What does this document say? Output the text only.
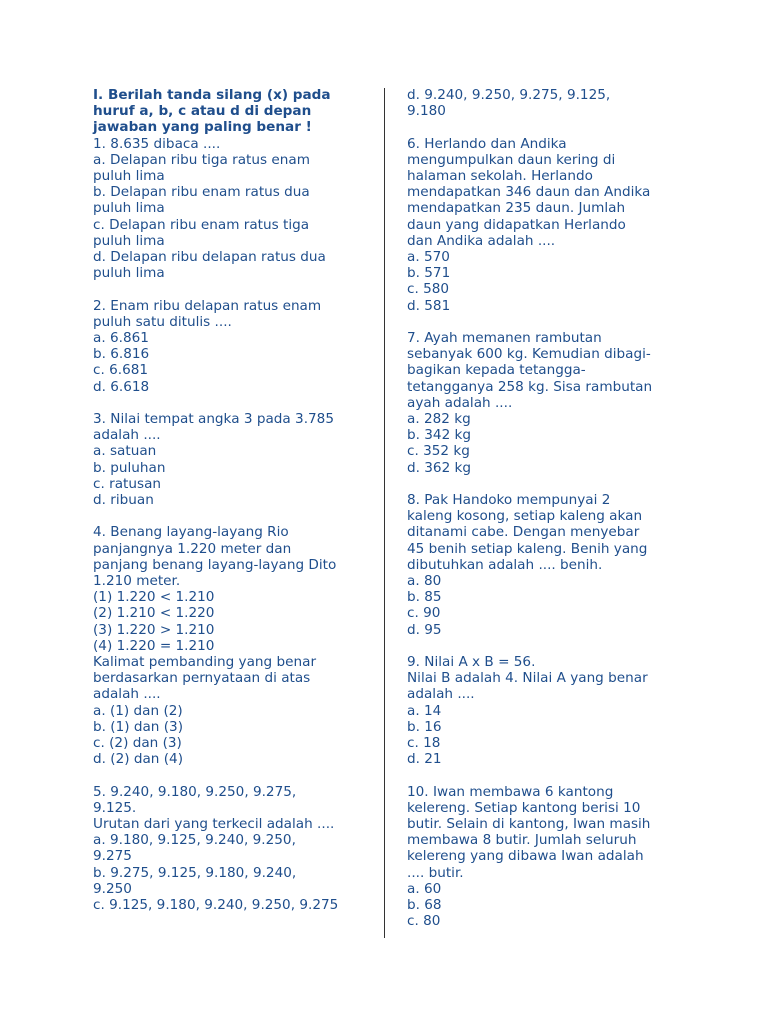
I. Berilah tanda silang (x) pada
huruf a, b, c atau d di depan
jawaban yang paling benar !
1. 8.635 dibaca ....
a. Delapan ribu tiga ratus enam
puluh lima
b. Delapan ribu enam ratus dua
puluh lima
c. Delapan ribu enam ratus tiga
puluh lima
d. Delapan ribu delapan ratus dua
puluh lima
2. Enam ribu delapan ratus enam
puluh satu ditulis ....
a. 6.861
b. 6.816
c. 6.681
d. 6.618
3. Nilai tempat angka 3 pada 3.785
adalah ....
a. satuan
b. puluhan
c. ratusan
d. ribuan
4. Benang layang-layang Rio
panjangnya 1.220 meter dan
panjang benang layang-layang Dito
1.210 meter.
(1) 1.220 < 1.210
(2) 1.210 < 1.220
(3) 1.220 > 1.210
(4) 1.220 = 1.210
Kalimat pembanding yang benar
berdasarkan pernyataan di atas
adalah ....
a. (1) dan (2)
b. (1) dan (3)
c. (2) dan (3)
d. (2) dan (4)
5. 9.240, 9.180, 9.250, 9.275,
9.125.
Urutan dari yang terkecil adalah ....
a. 9.180, 9.125, 9.240, 9.250,
9.275
b. 9.275, 9.125, 9.180, 9.240,
9.250
c. 9.125, 9.180, 9.240, 9.250, 9.275
d. 9.240, 9.250, 9.275, 9.125,
9.180
6. Herlando dan Andika
mengumpulkan daun kering di
halaman sekolah. Herlando
mendapatkan 346 daun dan Andika
mendapatkan 235 daun. Jumlah
daun yang didapatkan Herlando
dan Andika adalah ....
a. 570
b. 571
c. 580
d. 581
7. Ayah memanen rambutan
sebanyak 600 kg. Kemudian dibagi-
bagikan kepada tetangga-
tetangganya 258 kg. Sisa rambutan
ayah adalah ....
a. 282 kg
b. 342 kg
c. 352 kg
d. 362 kg
8. Pak Handoko mempunyai 2
kaleng kosong, setiap kaleng akan
ditanami cabe. Dengan menyebar
45 benih setiap kaleng. Benih yang
dibutuhkan adalah .... benih.
a. 80
b. 85
c. 90
d. 95
9. Nilai A x B = 56.
Nilai B adalah 4. Nilai A yang benar
adalah ....
a. 14
b. 16
c. 18
d. 21
10. Iwan membawa 6 kantong
kelereng. Setiap kantong berisi 10
butir. Selain di kantong, Iwan masih
membawa 8 butir. Jumlah seluruh
kelereng yang dibawa Iwan adalah
.... butir.
a. 60
b. 68
c. 80
